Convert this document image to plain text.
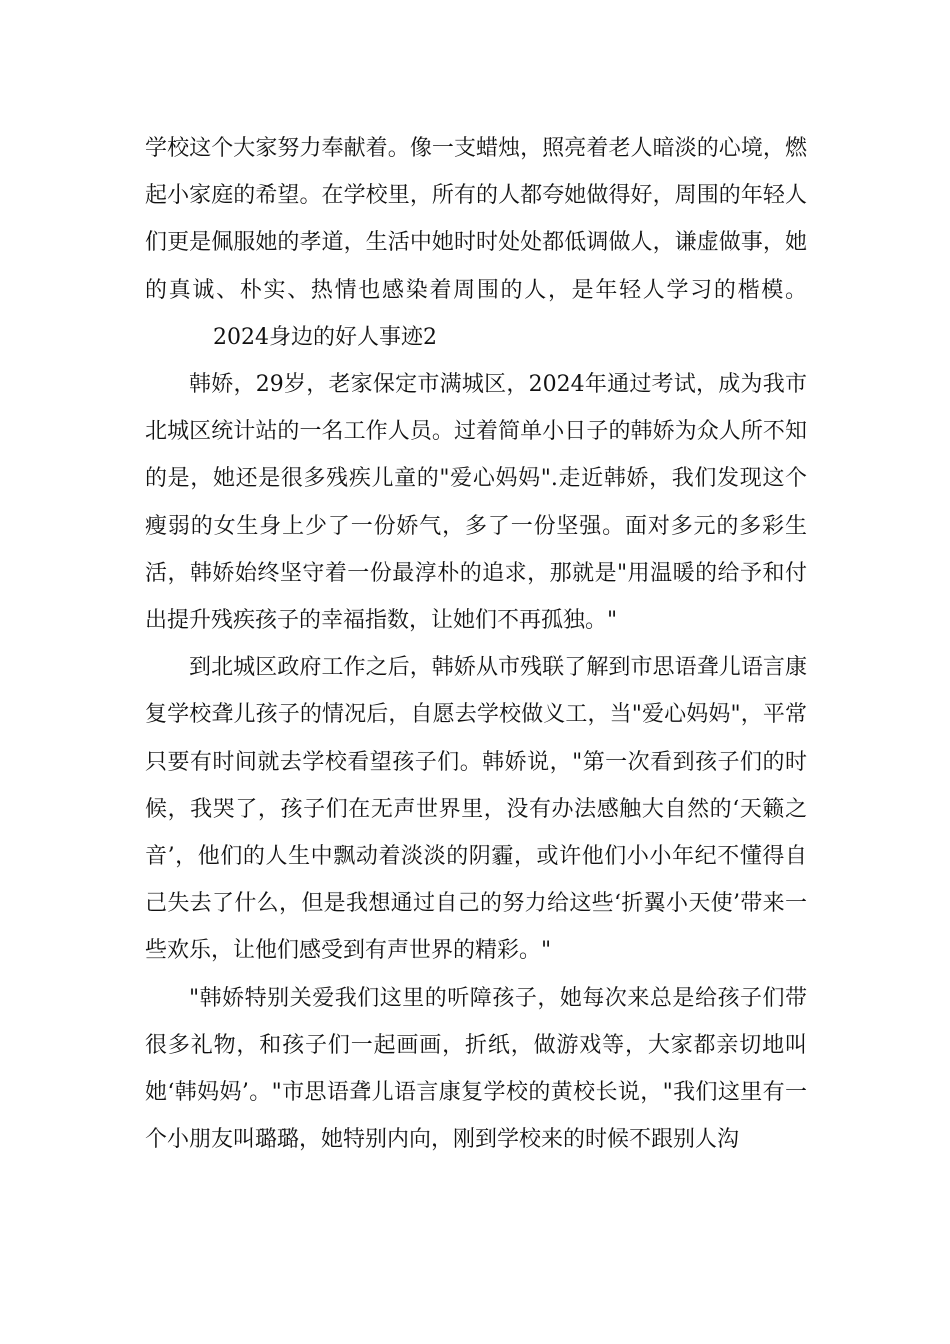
学校这个大家努力奉献着。像一支蜡烛，照亮着老人暗淡的心境，燃起小家庭的希望。在学校里，所有的人都夸她做得好，周围的年轻人们更是佩服她的孝道，生活中她时时处处都低调做人，谦虚做事，她的真诚、朴实、热情也感染着周围的人，是年轻人学习的楷模。2024身边的好人事迹2

韩娇，29岁，老家保定市满城区，2024年通过考试，成为我市北城区统计站的一名工作人员。过着简单小日子的韩娇为众人所不知的是，她还是很多残疾儿童的"爱心妈妈".走近韩娇，我们发现这个瘦弱的女生身上少了一份娇气，多了一份坚强。面对多元的多彩生活，韩娇始终坚守着一份最淳朴的追求，那就是"用温暖的给予和付出提升残疾孩子的幸福指数，让她们不再孤独。"

到北城区政府工作之后，韩娇从市残联了解到市思语聋儿语言康复学校聋儿孩子的情况后，自愿去学校做义工，当"爱心妈妈"，平常只要有时间就去学校看望孩子们。韩娇说，"第一次看到孩子们的时候，我哭了，孩子们在无声世界里，没有办法感触大自然的‘天籁之音’，他们的人生中飘动着淡淡的阴霾，或许他们小小年纪不懂得自己失去了什么，但是我想通过自己的努力给这些‘折翼小天使’带来一些欢乐，让他们感受到有声世界的精彩。"

"韩娇特别关爱我们这里的听障孩子，她每次来总是给孩子们带很多礼物，和孩子们一起画画，折纸，做游戏等，大家都亲切地叫她‘韩妈妈’。"市思语聋儿语言康复学校的黄校长说，"我们这里有一个小朋友叫璐璐，她特别内向，刚到学校来的时候不跟别人沟
